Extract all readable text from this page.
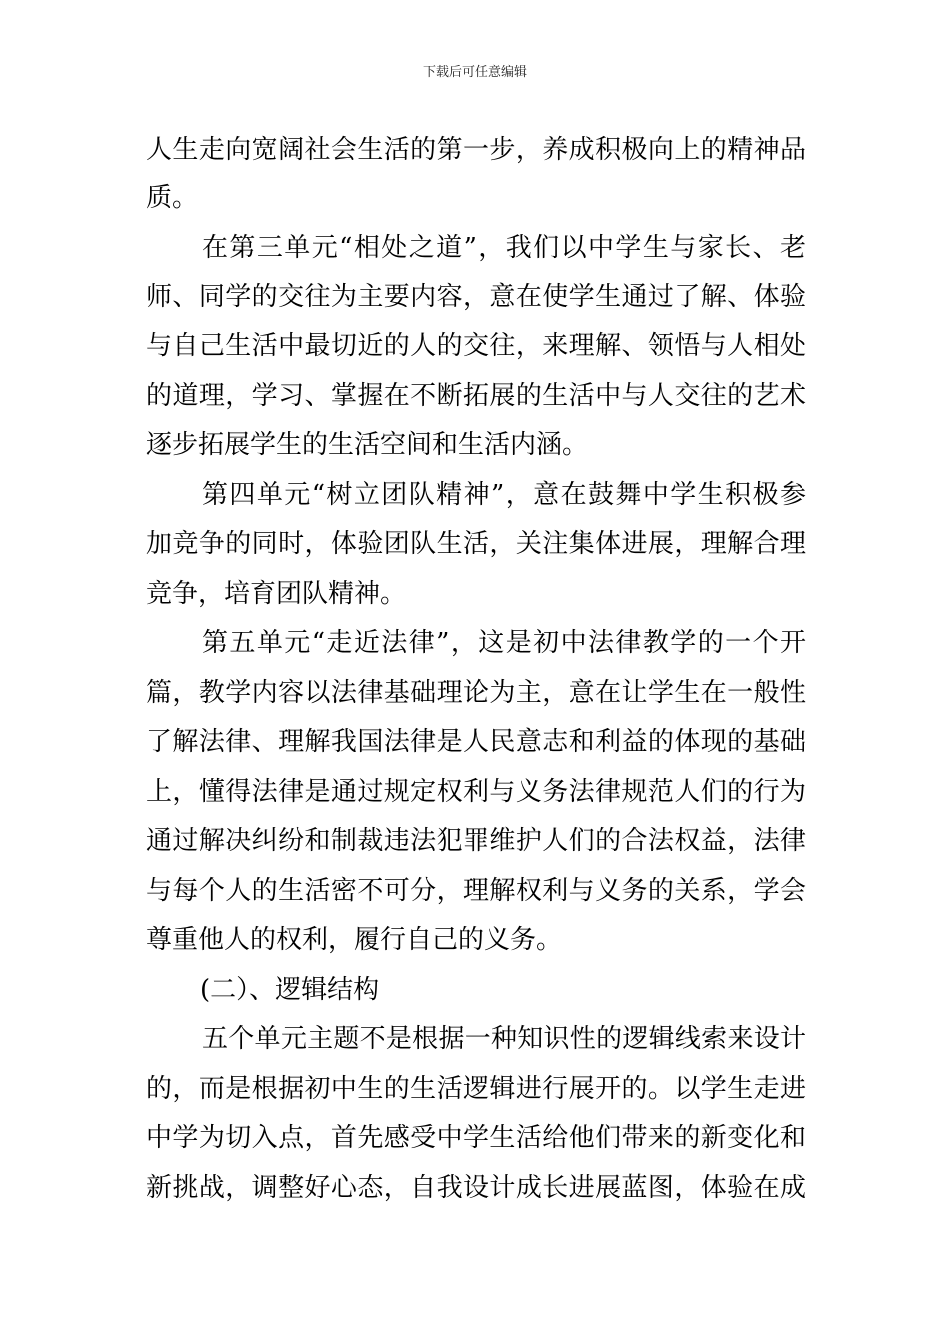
下载后可任意编辑
人生走向宽阔社会生活的第一步，养成积极向上的精神品
质。
在第三单元“相处之道”，我们以中学生与家长、老
师、同学的交往为主要内容，意在使学生通过了解、体验
与自己生活中最切近的人的交往，来理解、领悟与人相处
的道理，学习、掌握在不断拓展的生活中与人交往的艺术
逐步拓展学生的生活空间和生活内涵。
第四单元“树立团队精神”，意在鼓舞中学生积极参
加竞争的同时，体验团队生活，关注集体进展，理解合理
竞争，培育团队精神。
第五单元“走近法律”，这是初中法律教学的一个开
篇，教学内容以法律基础理论为主，意在让学生在一般性
了解法律、理解我国法律是人民意志和利益的体现的基础
上，懂得法律是通过规定权利与义务法律规范人们的行为
通过解决纠纷和制裁违法犯罪维护人们的合法权益，法律
与每个人的生活密不可分，理解权利与义务的关系，学会
尊重他人的权利，履行自己的义务。
(二）、逻辑结构
五个单元主题不是根据一种知识性的逻辑线索来设计
的，而是根据初中生的生活逻辑进行展开的。以学生走进
中学为切入点，首先感受中学生活给他们带来的新变化和
新挑战，调整好心态，自我设计成长进展蓝图，体验在成
